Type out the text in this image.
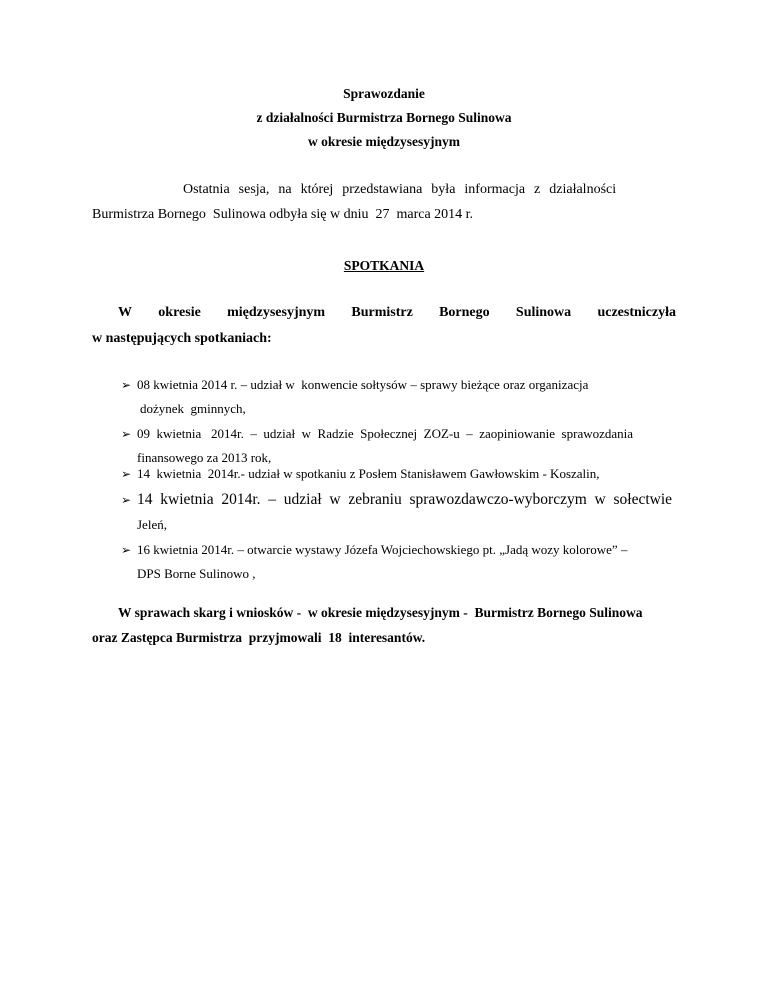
Sprawozdanie
z działalności Burmistrza Bornego Sulinowa
w okresie międzysesyjnym
Ostatnia  sesja,  na  której  przedstawiana  była  informacja  z  działalności
Burmistrza Bornego  Sulinowa odbyła się w dniu  27  marca 2014 r.
SPOTKANIA
W okresie międzysesyjnym Burmistrz Bornego Sulinowa uczestniczyła
w następujących spotkaniach:
➢ 08 kwietnia 2014 r. – udział w  konwencie sołtysów – sprawy bieżące oraz organizacja
dożynek  gminnych,
➢ 09  kwietnia   2014r.  –  udział  w  Radzie  Społecznej  ZOZ-u  –  zaopiniowanie  sprawozdania
finansowego za 2013 rok,
➢ 14  kwietnia  2014r.- udział w spotkaniu z Posłem Stanisławem Gawłowskim - Koszalin,
➢ 14  kwietnia  2014r.  –  udział  w  zebraniu  sprawozdawczo-wyborczym  w  sołectwie
Jeleń,
➢ 16 kwietnia 2014r. – otwarcie wystawy Józefa Wojciechowskiego pt. „Jadą wozy kolorowe” –
DPS Borne Sulinowo ,
W sprawach skarg i wniosków -  w okresie międzysesyjnym -  Burmistrz Bornego Sulinowa
oraz Zastępca Burmistrza  przyjmowali  18  interesantów.
